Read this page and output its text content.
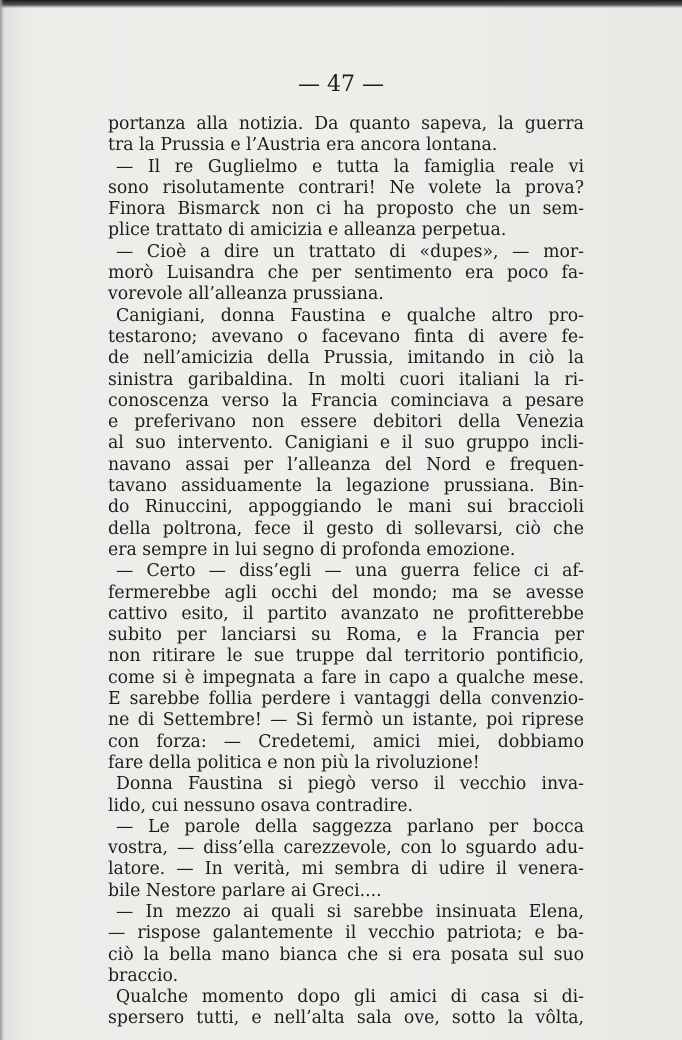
— 47 —
portanza alla notizia. Da quanto sapeva, la guerra
tra la Prussia e l’Austria era ancora lontana.
— Il re Guglielmo e tutta la famiglia reale vi
sono risolutamente contrari! Ne volete la prova?
Finora Bismarck non ci ha proposto che un sem-
plice trattato di amicizia e alleanza perpetua.
— Cioè a dire un trattato di «dupes», — mor-
morò Luisandra che per sentimento era poco fa-
vorevole all’alleanza prussiana.
Canigiani, donna Faustina e qualche altro pro-
testarono; avevano o facevano finta di avere fe-
de nell’amicizia della Prussia, imitando in ciò la
sinistra garibaldina. In molti cuori italiani la ri-
conoscenza verso la Francia cominciava a pesare
e preferivano non essere debitori della Venezia
al suo intervento. Canigiani e il suo gruppo incli-
navano assai per l’alleanza del Nord e frequen-
tavano assiduamente la legazione prussiana. Bin-
do Rinuccini, appoggiando le mani sui braccioli
della poltrona, fece il gesto di sollevarsi, ciò che
era sempre in lui segno di profonda emozione.
— Certo — diss’egli — una guerra felice ci af-
fermerebbe agli occhi del mondo; ma se avesse
cattivo esito, il partito avanzato ne profitterebbe
subito per lanciarsi su Roma, e la Francia per
non ritirare le sue truppe dal territorio pontificio,
come si è impegnata a fare in capo a qualche mese.
E sarebbe follia perdere i vantaggi della convenzio-
ne di Settembre! — Si fermò un istante, poi riprese
con forza: — Credetemi, amici miei, dobbiamo
fare della politica e non più la rivoluzione!
Donna Faustina si piegò verso il vecchio inva-
lido, cui nessuno osava contradire.
— Le parole della saggezza parlano per bocca
vostra, — diss’ella carezzevole, con lo sguardo adu-
latore. — In verità, mi sembra di udire il venera-
bile Nestore parlare ai Greci....
— In mezzo ai quali si sarebbe insinuata Elena,
— rispose galantemente il vecchio patriota; e ba-
ciò la bella mano bianca che si era posata sul suo
braccio.
Qualche momento dopo gli amici di casa si di-
spersero tutti, e nell’alta sala ove, sotto la vôlta,
